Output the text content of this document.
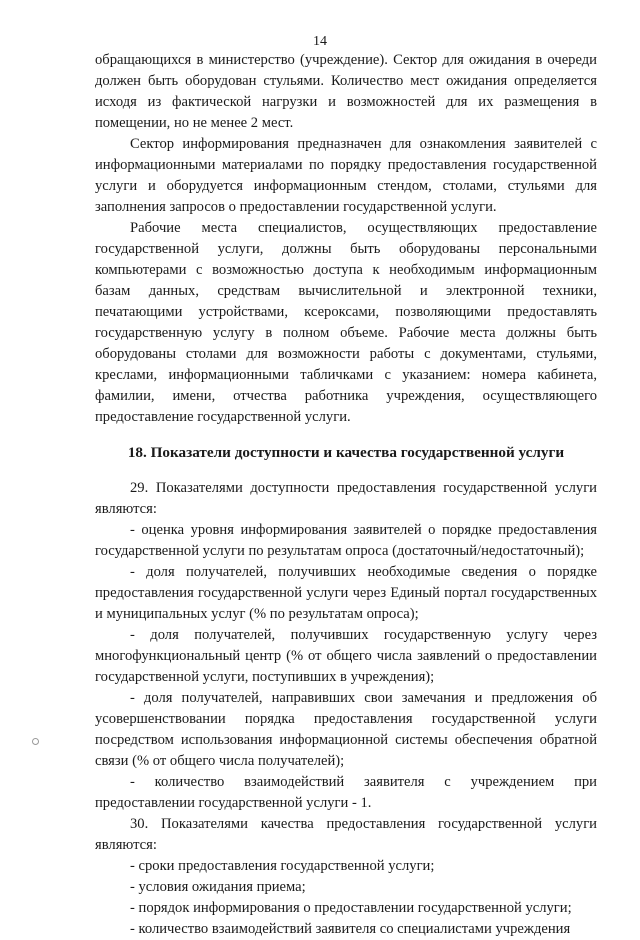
14

обращающихся в министерство (учреждение). Сектор для ожидания в очереди должен быть оборудован стульями. Количество мест ожидания определяется исходя из фактической нагрузки и возможностей для их размещения в помещении, но не менее 2 мест.

Сектор информирования предназначен для ознакомления заявителей с информационными материалами по порядку предоставления государственной услуги и оборудуется информационным стендом, столами, стульями для заполнения запросов о предоставлении государственной услуги.

Рабочие места специалистов, осуществляющих предоставление государственной услуги, должны быть оборудованы персональными компьютерами с возможностью доступа к необходимым информационным базам данных, средствам вычислительной и электронной техники, печатающими устройствами, ксероксами, позволяющими предоставлять государственную услугу в полном объеме. Рабочие места должны быть оборудованы столами для возможности работы с документами, стульями, креслами, информационными табличками с указанием: номера кабинета, фамилии, имени, отчества работника учреждения, осуществляющего предоставление государственной услуги.

18. Показатели доступности и качества государственной услуги

29. Показателями доступности предоставления государственной услуги являются:

- оценка уровня информирования заявителей о порядке предоставления государственной услуги по результатам опроса (достаточный/недостаточный);

- доля получателей, получивших необходимые сведения о порядке предоставления государственной услуги через Единый портал государственных и муниципальных услуг (% по результатам опроса);

- доля получателей, получивших государственную услугу через многофункциональный центр (% от общего числа заявлений о предоставлении государственной услуги, поступивших в учреждения);

- доля получателей, направивших свои замечания и предложения об усовершенствовании порядка предоставления государственной услуги посредством использования информационной системы обеспечения обратной связи (% от общего числа получателей);

- количество взаимодействий заявителя с учреждением при предоставлении государственной услуги - 1.

30. Показателями качества предоставления государственной услуги являются:

- сроки предоставления государственной услуги;

- условия ожидания приема;

- порядок информирования о предоставлении государственной услуги;

- количество взаимодействий заявителя со специалистами учреждения
